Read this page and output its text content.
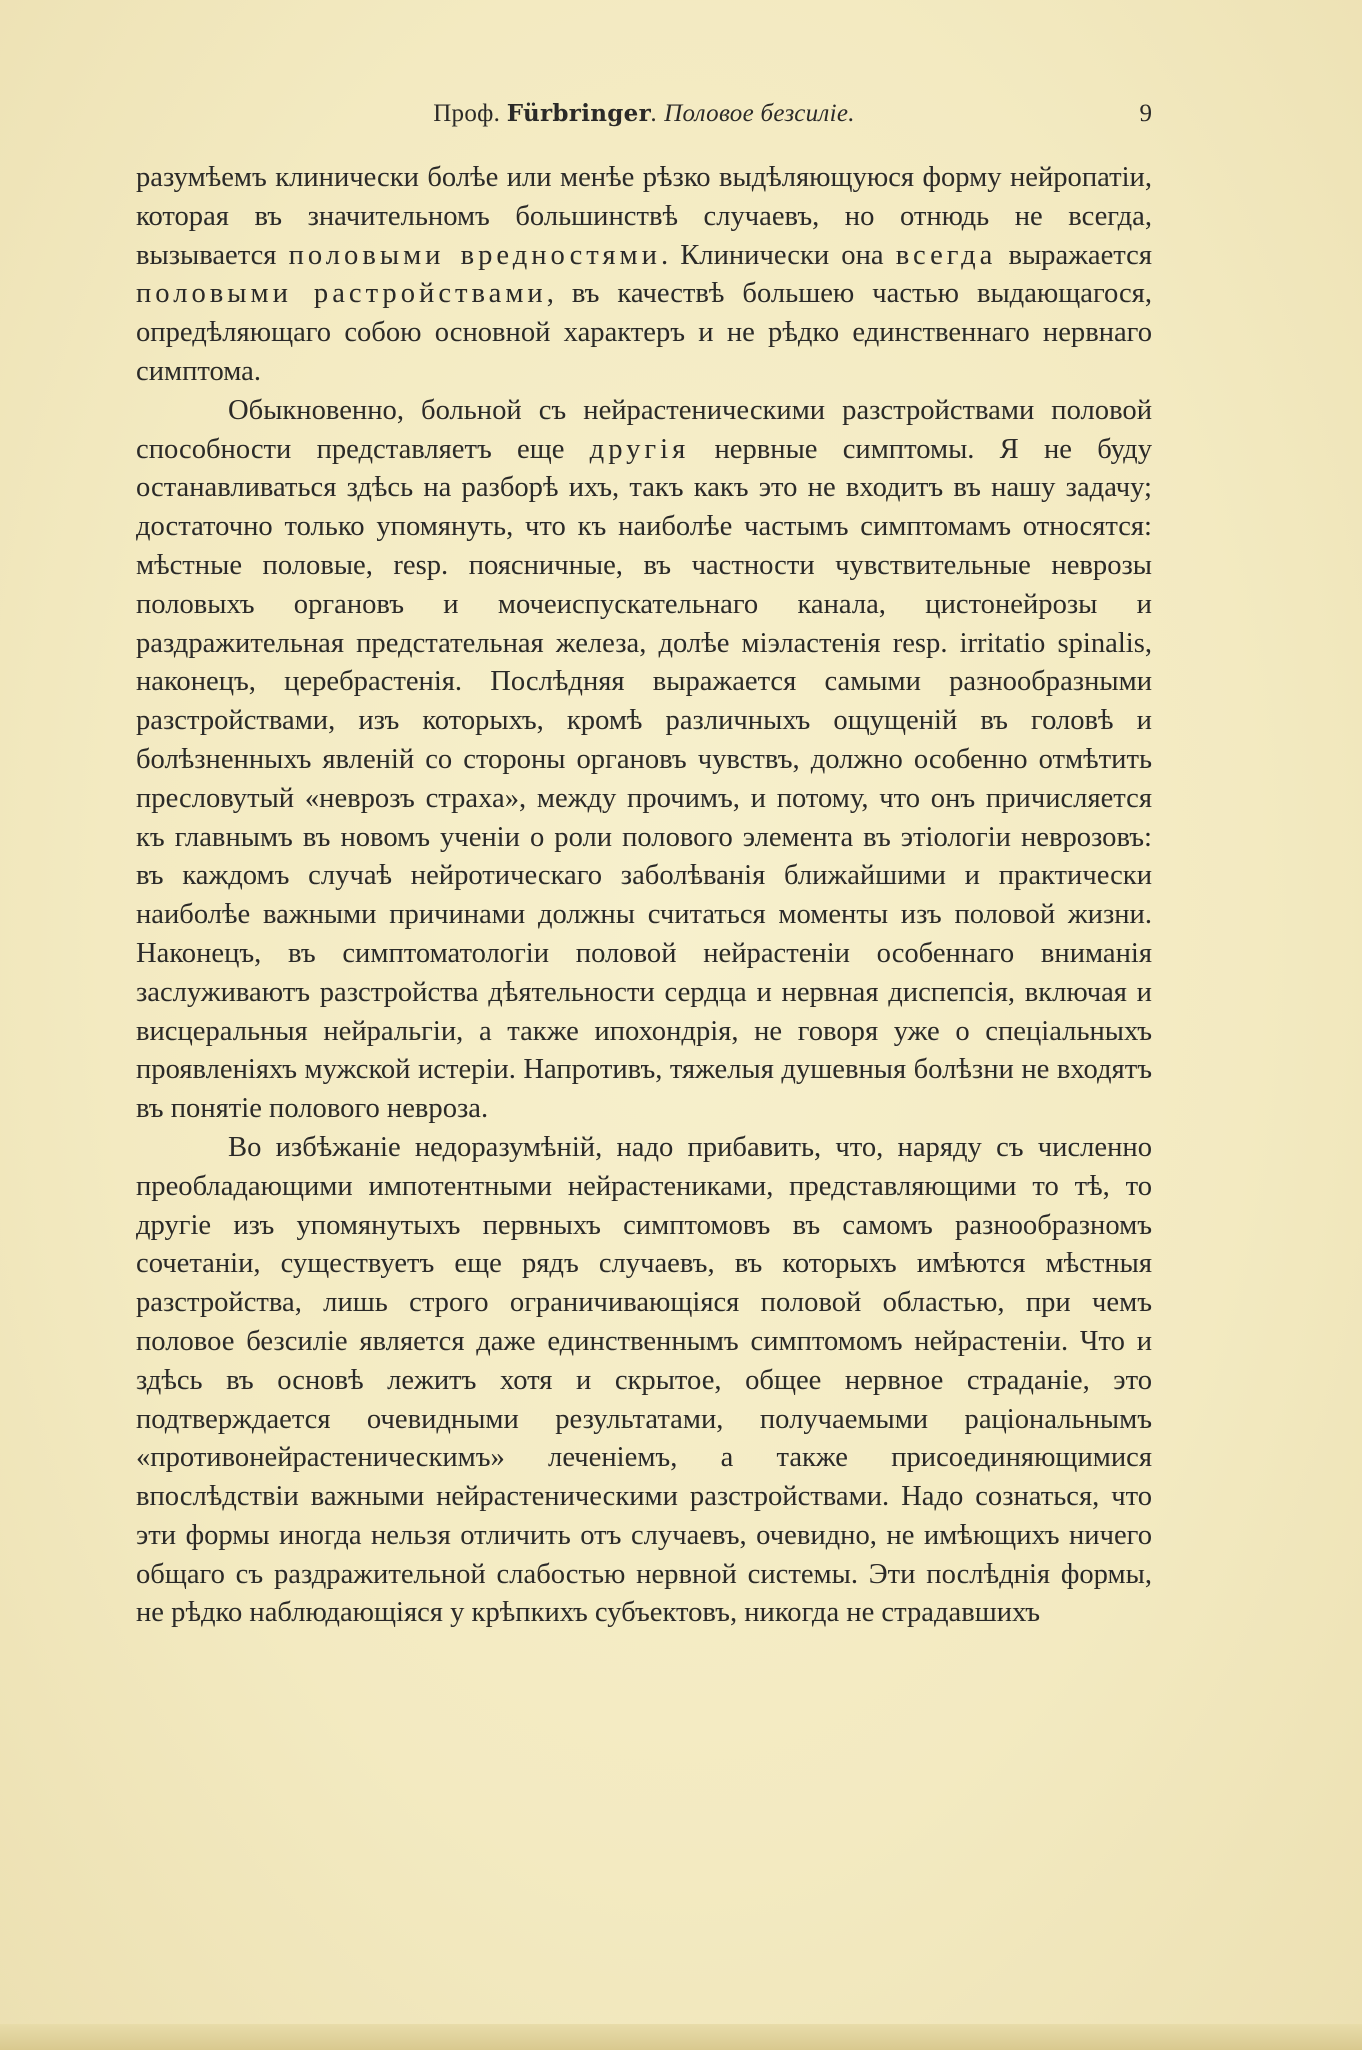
Проф. Fürbringer. Половое безсиліе.	9

разумѣемъ клинически болѣе или менѣе рѣзко выдѣляющуюся форму нейропатіи, которая въ значительномъ большинствѣ случаевъ, но отнюдь не всегда, вызывается половыми вредностями. Клинически она всегда выражается половыми растройствами, въ качествѣ большею частью выдающагося, опредѣляющаго собою основной характеръ и не рѣдко единственнаго нервнаго симптома.

Обыкновенно, больной съ нейрастеническими разстройствами половой способности представляетъ еще другія нервные симптомы. Я не буду останавливаться здѣсь на разборѣ ихъ, такъ какъ это не входитъ въ нашу задачу; достаточно только упомянуть, что къ наиболѣе частымъ симптомамъ относятся: мѣстные половые, resp. поясничные, въ частности чувствительные неврозы половыхъ органовъ и мочеиспускательнаго канала, цистонейрозы и раздражительная предстательная железа, долѣе міэластенія resp. irritatio spinalis, наконецъ, церебрастенія. Послѣдняя выражается самыми разнообразными разстройствами, изъ которыхъ, кромѣ различныхъ ощущеній въ головѣ и болѣзненныхъ явленій со стороны органовъ чувствъ, должно особенно отмѣтить пресловутый «неврозъ страха», между прочимъ, и потому, что онъ причисляется къ главнымъ въ новомъ ученіи о роли полового элемента въ этіологіи неврозовъ: въ каждомъ случаѣ нейротическаго заболѣванія ближайшими и практически наиболѣе важными причинами должны считаться моменты изъ половой жизни. Наконецъ, въ симптоматологіи половой нейрастеніи особеннаго вниманія заслуживаютъ разстройства дѣятельности сердца и нервная диспепсія, включая и висцеральныя нейральгіи, а также ипохондрія, не говоря уже о спеціальныхъ проявленіяхъ мужской истеріи. Напротивъ, тяжелыя душевныя болѣзни не входятъ въ понятіе полового невроза.

Во избѣжаніе недоразумѣній, надо прибавить, что, наряду съ численно преобладающими импотентными нейрастениками, представляющими то тѣ, то другіе изъ упомянутыхъ первныхъ симптомовъ въ самомъ разнообразномъ сочетаніи, существуетъ еще рядъ случаевъ, въ которыхъ имѣются мѣстныя разстройства, лишь строго ограничивающіяся половой областью, при чемъ половое безсиліе является даже единственнымъ симптомомъ нейрастеніи. Что и здѣсь въ основѣ лежитъ хотя и скрытое, общее нервное страданіе, это подтверждается очевидными результатами, получаемыми раціональнымъ «противонейрастеническимъ» леченіемъ, а также присоединяющимися впослѣдствіи важными нейрастеническими разстройствами. Надо сознаться, что эти формы иногда нельзя отличить отъ случаевъ, очевидно, не имѣющихъ ничего общаго съ раздражительной слабостью нервной системы. Эти послѣднія формы, не рѣдко наблюдающіяся у крѣпкихъ субъектовъ, никогда не страдавшихъ
